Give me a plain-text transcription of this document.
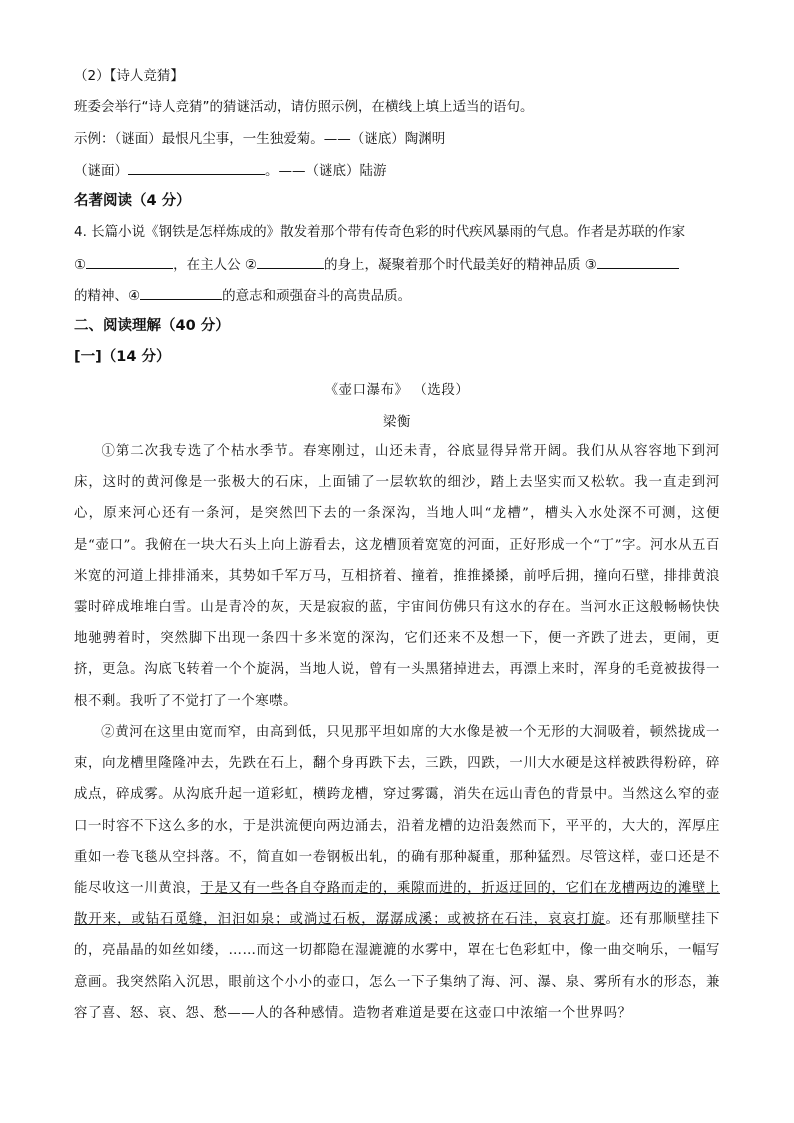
（2）【诗人竞猜】
班委会举行“诗人竞猜”的猜谜活动，请仿照示例，在横线上填上适当的语句。
示例：（谜面）最恨凡尘事，一生独爱菊。——（谜底）陶渊明
（谜面）	。——（谜底）陆游
名著阅读（4 分）
4. 长篇小说《钢铁是怎样炼成的》散发着那个带有传奇色彩的时代疾风暴雨的气息。作者是苏联的作家
①	，在主人公 ②	的身上，凝聚着那个时代最美好的精神品质 ③
的精神、④	的意志和顽强奋斗的高贵品质。
二、阅读理解（40 分）
[一]（14 分）
《壶口瀑布》 （选段）
梁衡
①第二次我专选了个枯水季节。春寒刚过，山还未青，谷底显得异常开阔。我们从从容容地下到河床，这时的黄河像是一张极大的石床，上面铺了一层软软的细沙，踏上去坚实而又松软。我一直走到河心，原来河心还有一条河，是突然凹下去的一条深沟，当地人叫“龙槽”，槽头入水处深不可测，这便是“壶口”。我俯在一块大石头上向上游看去，这龙槽顶着宽宽的河面，正好形成一个“丁”字。河水从五百米宽的河道上排排涌来，其势如千军万马，互相挤着、撞着，推推搡搡，前呼后拥，撞向石壁，排排黄浪霎时碎成堆堆白雪。山是青冷的灰，天是寂寂的蓝，宇宙间仿佛只有这水的存在。当河水正这般畅畅快快地驰骋着时，突然脚下出现一条四十多米宽的深沟，它们还来不及想一下，便一齐跌了进去，更闹，更挤，更急。沟底飞转着一个个旋涡，当地人说，曾有一头黑猪掉进去，再漂上来时，浑身的毛竟被拔得一根不剩。我听了不觉打了一个寒噤。
②黄河在这里由宽而窄，由高到低，只见那平坦如席的大水像是被一个无形的大洞吸着，顿然拢成一束，向龙槽里隆隆冲去，先跌在石上，翻个身再跌下去，三跌，四跌，一川大水硬是这样被跌得粉碎，碎成点，碎成雾。从沟底升起一道彩虹，横跨龙槽，穿过雾霭，消失在远山青色的背景中。当然这么窄的壶口一时容不下这么多的水，于是洪流便向两边涌去，沿着龙槽的边沿轰然而下，平平的，大大的，浑厚庄重如一卷飞毯从空抖落。不，简直如一卷钢板出轧，的确有那种凝重，那种猛烈。尽管这样，壶口还是不能尽收这一川黄浪，于是又有一些各自夺路而走的，乘隙而进的，折返迂回的，它们在龙槽两边的滩壁上散开来，或钻石觅缝，汩汩如泉；或淌过石板，潺潺成溪；或被挤在石洼，哀哀打旋。还有那顺壁挂下的，亮晶晶的如丝如缕，……而这一切都隐在湿漉漉的水雾中，罩在七色彩虹中，像一曲交响乐，一幅写意画。我突然陷入沉思，眼前这个小小的壶口，怎么一下子集纳了海、河、瀑、泉、雾所有水的形态，兼容了喜、怒、哀、怨、愁——人的各种感情。造物者难道是要在这壶口中浓缩一个世界吗？
